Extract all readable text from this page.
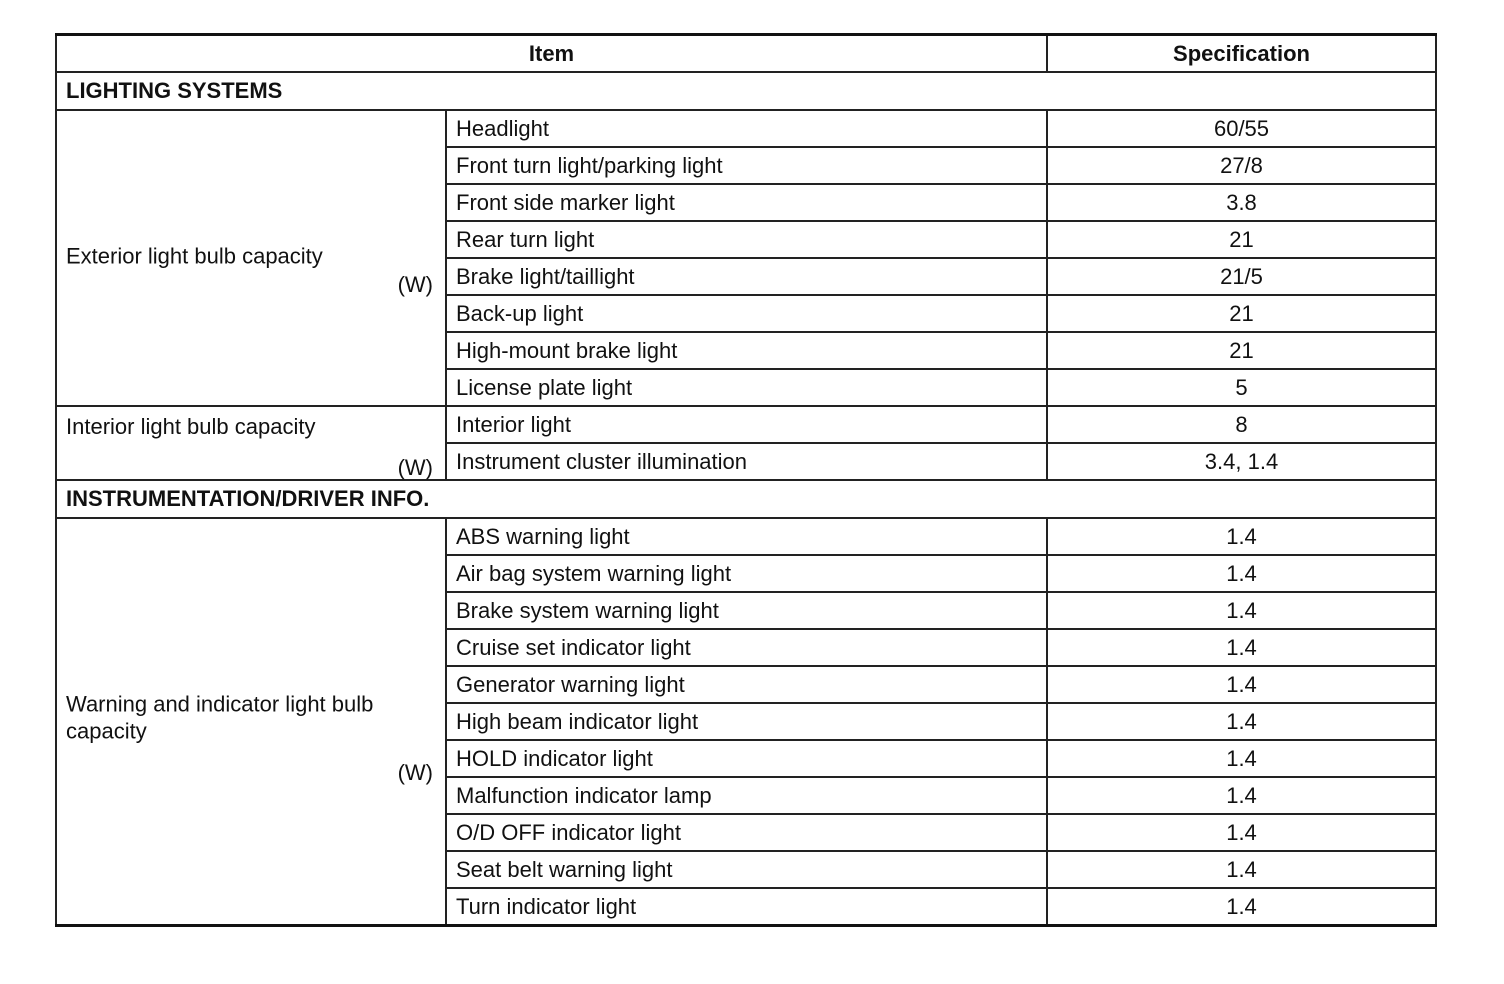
Item		Specification
LIGHTING SYSTEMS		

Exterior light bulb capacity
(W)	Headlight	60/55
	Front turn light/parking light	27/8
	Front side marker light	3.8
	Rear turn light	21
	Brake light/taillight	21/5
	Back-up light	21
	High-mount brake light	21
	License plate light	5

Interior light bulb capacity
(W)	Interior light	8
	Instrument cluster illumination	3.4, 1.4
INSTRUMENTATION/DRIVER INFO.		

Warning and indicator light bulb capacity
(W)	ABS warning light	1.4
	Air bag system warning light	1.4
	Brake system warning light	1.4
	Cruise set indicator light	1.4
	Generator warning light	1.4
	High beam indicator light	1.4
	HOLD indicator light	1.4
	Malfunction indicator lamp	1.4
	O/D OFF indicator light	1.4
	Seat belt warning light	1.4
	Turn indicator light	1.4
